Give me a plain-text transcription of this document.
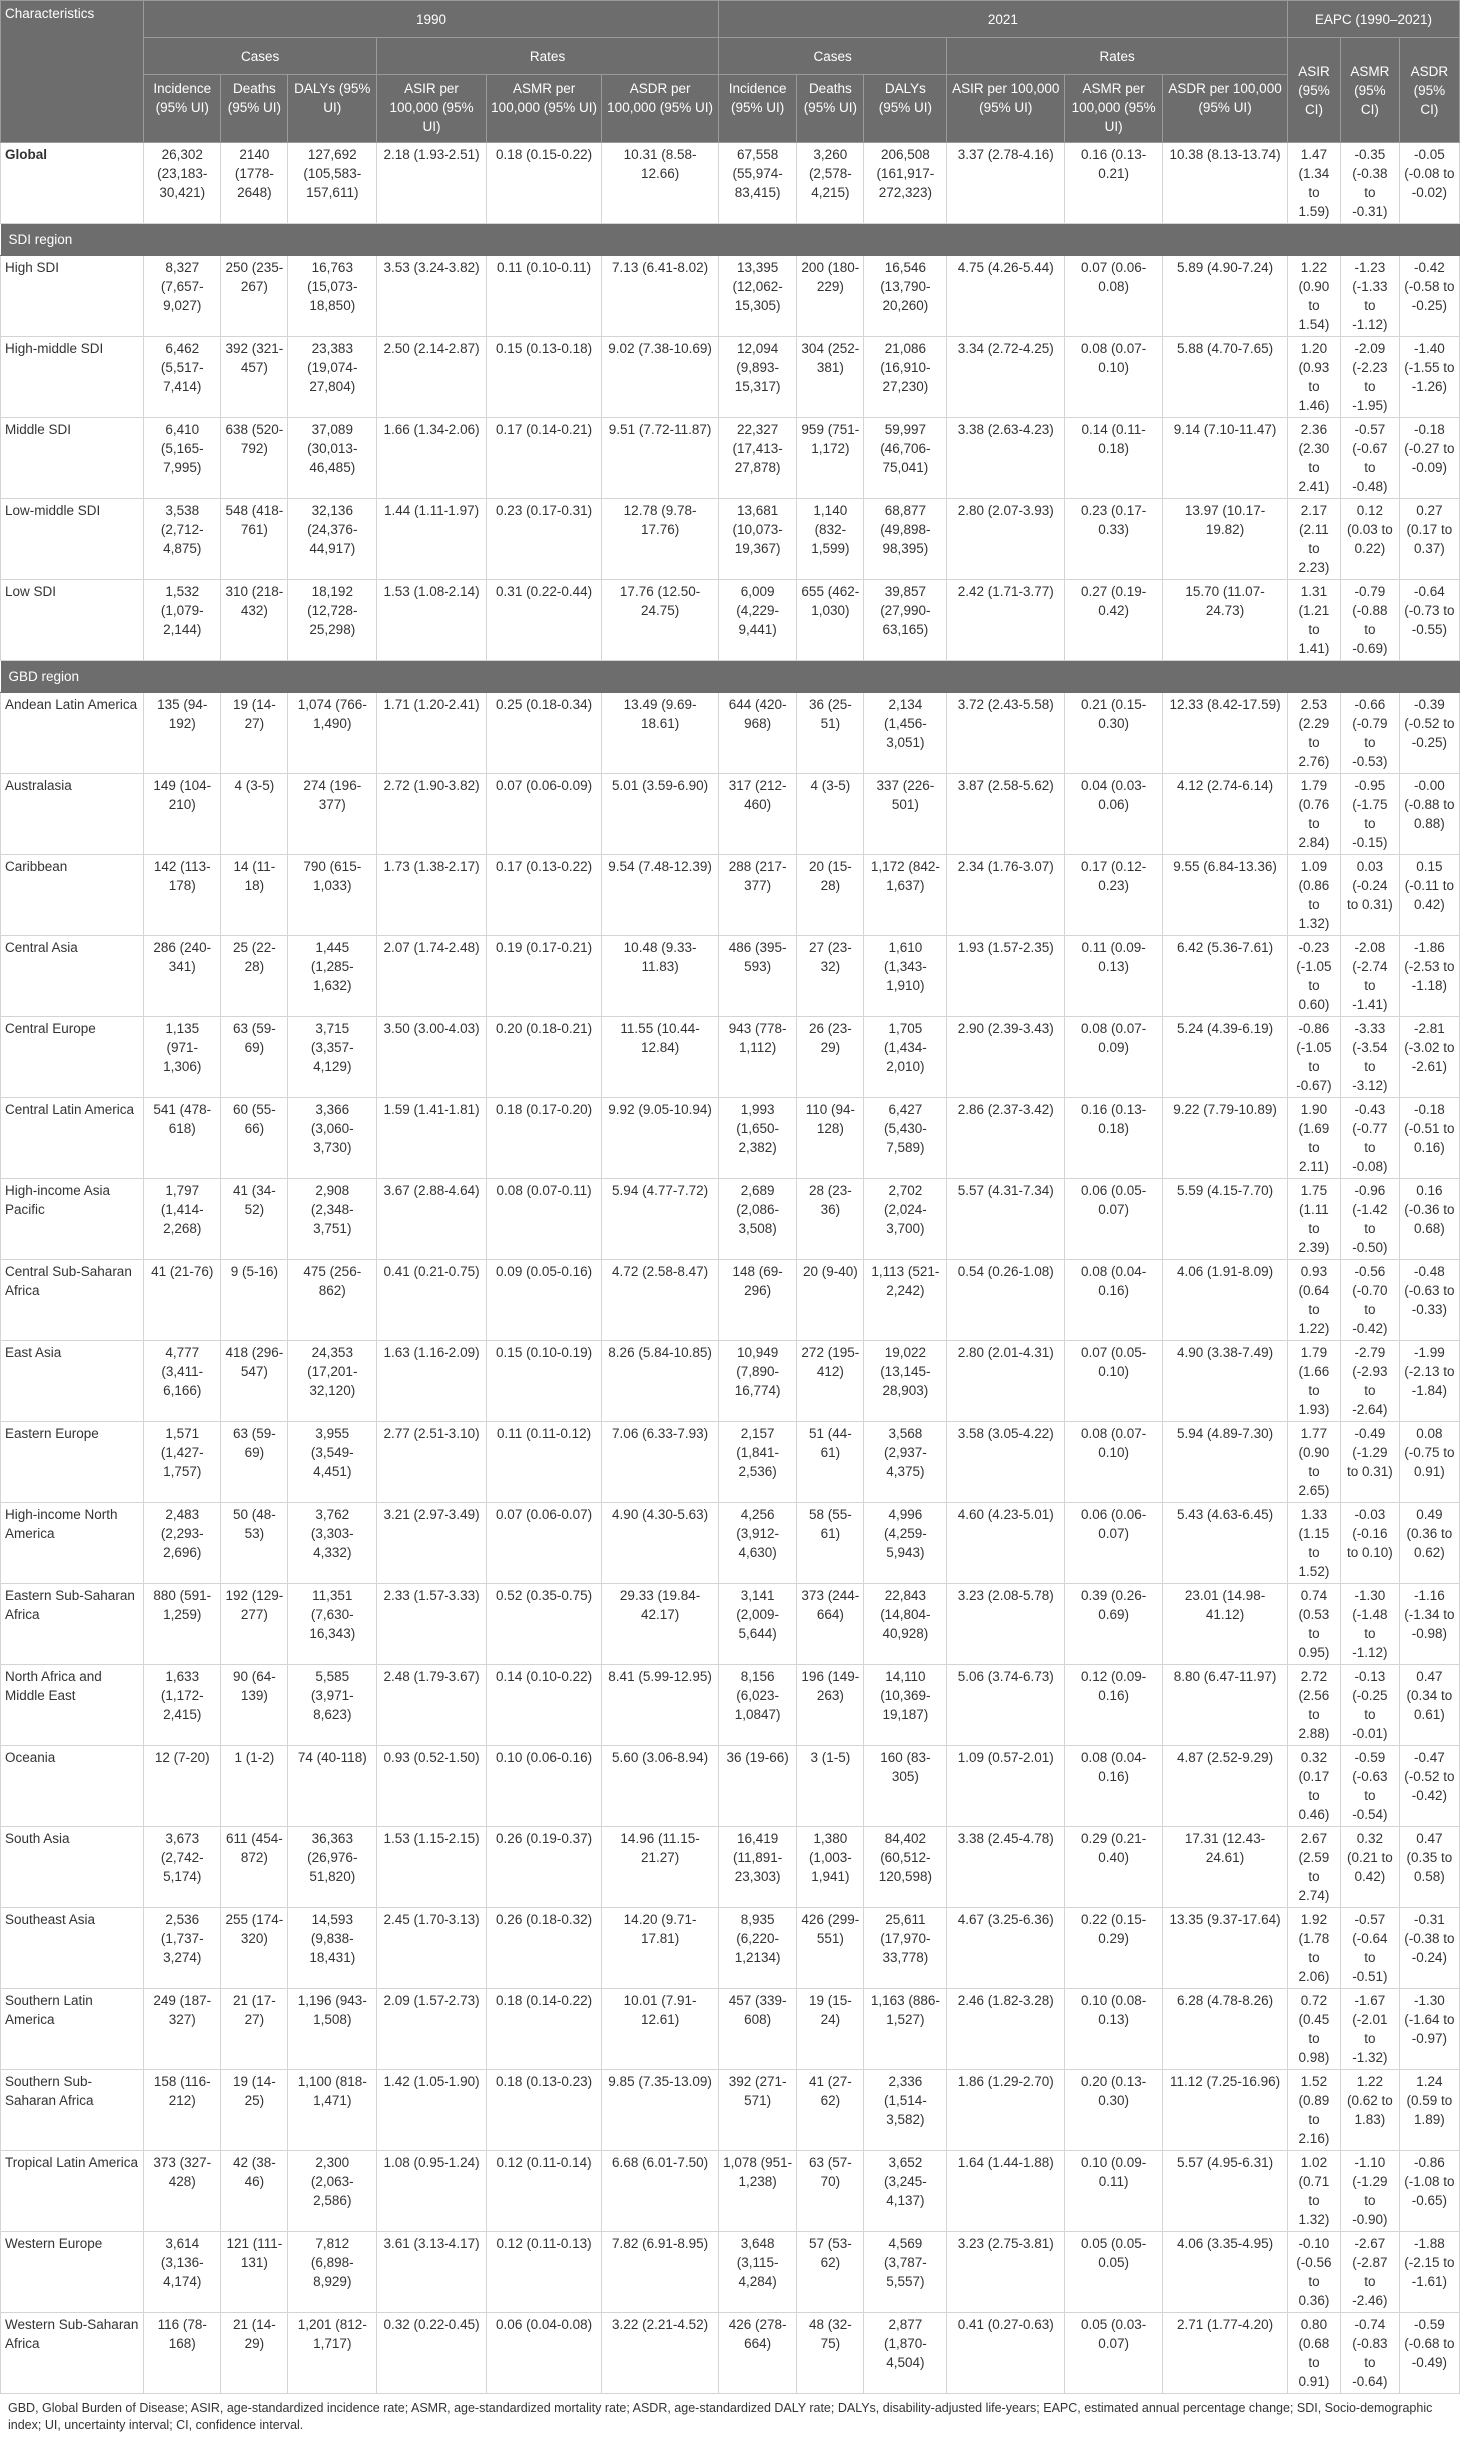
Characteristics	1990						2021						EAPC (1990–2021)		
	Cases			Rates			Cases			Rates			ASIR (95% CI)	ASMR (95% CI)	ASDR (95% CI)
	Incidence (95% UI)	Deaths (95% UI)	DALYs (95% UI)	ASIR per 100,000 (95% UI)	ASMR per 100,000 (95% UI)	ASDR per 100,000 (95% UI)	Incidence (95% UI)	Deaths (95% UI)	DALYs (95% UI)	ASIR per 100,000 (95% UI)	ASMR per 100,000 (95% UI)	ASDR per 100,000 (95% UI)			
Global	26,302 (23,183-30,421)	2140 (1778-2648)	127,692 (105,583-157,611)	2.18 (1.93-2.51)	0.18 (0.15-0.22)	10.31 (8.58-12.66)	67,558 (55,974-83,415)	3,260 (2,578-4,215)	206,508 (161,917-272,323)	3.37 (2.78-4.16)	0.16 (0.13-0.21)	10.38 (8.13-13.74)	1.47 (1.34 to 1.59)	-0.35 (-0.38 to -0.31)	-0.05 (-0.08 to -0.02)
SDI region															
High SDI	8,327 (7,657-9,027)	250 (235-267)	16,763 (15,073-18,850)	3.53 (3.24-3.82)	0.11 (0.10-0.11)	7.13 (6.41-8.02)	13,395 (12,062-15,305)	200 (180-229)	16,546 (13,790-20,260)	4.75 (4.26-5.44)	0.07 (0.06-0.08)	5.89 (4.90-7.24)	1.22 (0.90 to 1.54)	-1.23 (-1.33 to -1.12)	-0.42 (-0.58 to -0.25)
High-middle SDI	6,462 (5,517-7,414)	392 (321-457)	23,383 (19,074-27,804)	2.50 (2.14-2.87)	0.15 (0.13-0.18)	9.02 (7.38-10.69)	12,094 (9,893-15,317)	304 (252-381)	21,086 (16,910-27,230)	3.34 (2.72-4.25)	0.08 (0.07-0.10)	5.88 (4.70-7.65)	1.20 (0.93 to 1.46)	-2.09 (-2.23 to -1.95)	-1.40 (-1.55 to -1.26)
Middle SDI	6,410 (5,165-7,995)	638 (520-792)	37,089 (30,013-46,485)	1.66 (1.34-2.06)	0.17 (0.14-0.21)	9.51 (7.72-11.87)	22,327 (17,413-27,878)	959 (751-1,172)	59,997 (46,706-75,041)	3.38 (2.63-4.23)	0.14 (0.11-0.18)	9.14 (7.10-11.47)	2.36 (2.30 to 2.41)	-0.57 (-0.67 to -0.48)	-0.18 (-0.27 to -0.09)
Low-middle SDI	3,538 (2,712-4,875)	548 (418-761)	32,136 (24,376-44,917)	1.44 (1.11-1.97)	0.23 (0.17-0.31)	12.78 (9.78-17.76)	13,681 (10,073-19,367)	1,140 (832-1,599)	68,877 (49,898-98,395)	2.80 (2.07-3.93)	0.23 (0.17-0.33)	13.97 (10.17-19.82)	2.17 (2.11 to 2.23)	0.12 (0.03 to 0.22)	0.27 (0.17 to 0.37)
Low SDI	1,532 (1,079-2,144)	310 (218-432)	18,192 (12,728-25,298)	1.53 (1.08-2.14)	0.31 (0.22-0.44)	17.76 (12.50-24.75)	6,009 (4,229-9,441)	655 (462-1,030)	39,857 (27,990-63,165)	2.42 (1.71-3.77)	0.27 (0.19-0.42)	15.70 (11.07-24.73)	1.31 (1.21 to 1.41)	-0.79 (-0.88 to -0.69)	-0.64 (-0.73 to -0.55)
GBD region															
Andean Latin America	135 (94-192)	19 (14-27)	1,074 (766-1,490)	1.71 (1.20-2.41)	0.25 (0.18-0.34)	13.49 (9.69-18.61)	644 (420-968)	36 (25-51)	2,134 (1,456-3,051)	3.72 (2.43-5.58)	0.21 (0.15-0.30)	12.33 (8.42-17.59)	2.53 (2.29 to 2.76)	-0.66 (-0.79 to -0.53)	-0.39 (-0.52 to -0.25)
Australasia	149 (104-210)	4 (3-5)	274 (196-377)	2.72 (1.90-3.82)	0.07 (0.06-0.09)	5.01 (3.59-6.90)	317 (212-460)	4 (3-5)	337 (226-501)	3.87 (2.58-5.62)	0.04 (0.03-0.06)	4.12 (2.74-6.14)	1.79 (0.76 to 2.84)	-0.95 (-1.75 to -0.15)	-0.00 (-0.88 to 0.88)
Caribbean	142 (113-178)	14 (11-18)	790 (615-1,033)	1.73 (1.38-2.17)	0.17 (0.13-0.22)	9.54 (7.48-12.39)	288 (217-377)	20 (15-28)	1,172 (842-1,637)	2.34 (1.76-3.07)	0.17 (0.12-0.23)	9.55 (6.84-13.36)	1.09 (0.86 to 1.32)	0.03 (-0.24 to 0.31)	0.15 (-0.11 to 0.42)
Central Asia	286 (240-341)	25 (22-28)	1,445 (1,285-1,632)	2.07 (1.74-2.48)	0.19 (0.17-0.21)	10.48 (9.33-11.83)	486 (395-593)	27 (23-32)	1,610 (1,343-1,910)	1.93 (1.57-2.35)	0.11 (0.09-0.13)	6.42 (5.36-7.61)	-0.23 (-1.05 to 0.60)	-2.08 (-2.74 to -1.41)	-1.86 (-2.53 to -1.18)
Central Europe	1,135 (971-1,306)	63 (59-69)	3,715 (3,357-4,129)	3.50 (3.00-4.03)	0.20 (0.18-0.21)	11.55 (10.44-12.84)	943 (778-1,112)	26 (23-29)	1,705 (1,434-2,010)	2.90 (2.39-3.43)	0.08 (0.07-0.09)	5.24 (4.39-6.19)	-0.86 (-1.05 to -0.67)	-3.33 (-3.54 to -3.12)	-2.81 (-3.02 to -2.61)
Central Latin America	541 (478-618)	60 (55-66)	3,366 (3,060-3,730)	1.59 (1.41-1.81)	0.18 (0.17-0.20)	9.92 (9.05-10.94)	1,993 (1,650-2,382)	110 (94-128)	6,427 (5,430-7,589)	2.86 (2.37-3.42)	0.16 (0.13-0.18)	9.22 (7.79-10.89)	1.90 (1.69 to 2.11)	-0.43 (-0.77 to -0.08)	-0.18 (-0.51 to 0.16)
High-income Asia Pacific	1,797 (1,414-2,268)	41 (34-52)	2,908 (2,348-3,751)	3.67 (2.88-4.64)	0.08 (0.07-0.11)	5.94 (4.77-7.72)	2,689 (2,086-3,508)	28 (23-36)	2,702 (2,024-3,700)	5.57 (4.31-7.34)	0.06 (0.05-0.07)	5.59 (4.15-7.70)	1.75 (1.11 to 2.39)	-0.96 (-1.42 to -0.50)	0.16 (-0.36 to 0.68)
Central Sub-Saharan Africa	41 (21-76)	9 (5-16)	475 (256-862)	0.41 (0.21-0.75)	0.09 (0.05-0.16)	4.72 (2.58-8.47)	148 (69-296)	20 (9-40)	1,113 (521-2,242)	0.54 (0.26-1.08)	0.08 (0.04-0.16)	4.06 (1.91-8.09)	0.93 (0.64 to 1.22)	-0.56 (-0.70 to -0.42)	-0.48 (-0.63 to -0.33)
East Asia	4,777 (3,411-6,166)	418 (296-547)	24,353 (17,201-32,120)	1.63 (1.16-2.09)	0.15 (0.10-0.19)	8.26 (5.84-10.85)	10,949 (7,890-16,774)	272 (195-412)	19,022 (13,145-28,903)	2.80 (2.01-4.31)	0.07 (0.05-0.10)	4.90 (3.38-7.49)	1.79 (1.66 to 1.93)	-2.79 (-2.93 to -2.64)	-1.99 (-2.13 to -1.84)
Eastern Europe	1,571 (1,427-1,757)	63 (59-69)	3,955 (3,549-4,451)	2.77 (2.51-3.10)	0.11 (0.11-0.12)	7.06 (6.33-7.93)	2,157 (1,841-2,536)	51 (44-61)	3,568 (2,937-4,375)	3.58 (3.05-4.22)	0.08 (0.07-0.10)	5.94 (4.89-7.30)	1.77 (0.90 to 2.65)	-0.49 (-1.29 to 0.31)	0.08 (-0.75 to 0.91)
High-income North America	2,483 (2,293-2,696)	50 (48-53)	3,762 (3,303-4,332)	3.21 (2.97-3.49)	0.07 (0.06-0.07)	4.90 (4.30-5.63)	4,256 (3,912-4,630)	58 (55-61)	4,996 (4,259-5,943)	4.60 (4.23-5.01)	0.06 (0.06-0.07)	5.43 (4.63-6.45)	1.33 (1.15 to 1.52)	-0.03 (-0.16 to 0.10)	0.49 (0.36 to 0.62)
Eastern Sub-Saharan Africa	880 (591-1,259)	192 (129-277)	11,351 (7,630-16,343)	2.33 (1.57-3.33)	0.52 (0.35-0.75)	29.33 (19.84-42.17)	3,141 (2,009-5,644)	373 (244-664)	22,843 (14,804-40,928)	3.23 (2.08-5.78)	0.39 (0.26-0.69)	23.01 (14.98-41.12)	0.74 (0.53 to 0.95)	-1.30 (-1.48 to -1.12)	-1.16 (-1.34 to -0.98)
North Africa and Middle East	1,633 (1,172-2,415)	90 (64-139)	5,585 (3,971-8,623)	2.48 (1.79-3.67)	0.14 (0.10-0.22)	8.41 (5.99-12.95)	8,156 (6,023-1,0847)	196 (149-263)	14,110 (10,369-19,187)	5.06 (3.74-6.73)	0.12 (0.09-0.16)	8.80 (6.47-11.97)	2.72 (2.56 to 2.88)	-0.13 (-0.25 to -0.01)	0.47 (0.34 to 0.61)
Oceania	12 (7-20)	1 (1-2)	74 (40-118)	0.93 (0.52-1.50)	0.10 (0.06-0.16)	5.60 (3.06-8.94)	36 (19-66)	3 (1-5)	160 (83-305)	1.09 (0.57-2.01)	0.08 (0.04-0.16)	4.87 (2.52-9.29)	0.32 (0.17 to 0.46)	-0.59 (-0.63 to -0.54)	-0.47 (-0.52 to -0.42)
South Asia	3,673 (2,742-5,174)	611 (454-872)	36,363 (26,976-51,820)	1.53 (1.15-2.15)	0.26 (0.19-0.37)	14.96 (11.15-21.27)	16,419 (11,891-23,303)	1,380 (1,003-1,941)	84,402 (60,512-120,598)	3.38 (2.45-4.78)	0.29 (0.21-0.40)	17.31 (12.43-24.61)	2.67 (2.59 to 2.74)	0.32 (0.21 to 0.42)	0.47 (0.35 to 0.58)
Southeast Asia	2,536 (1,737-3,274)	255 (174-320)	14,593 (9,838-18,431)	2.45 (1.70-3.13)	0.26 (0.18-0.32)	14.20 (9.71-17.81)	8,935 (6,220-1,2134)	426 (299-551)	25,611 (17,970-33,778)	4.67 (3.25-6.36)	0.22 (0.15-0.29)	13.35 (9.37-17.64)	1.92 (1.78 to 2.06)	-0.57 (-0.64 to -0.51)	-0.31 (-0.38 to -0.24)
Southern Latin America	249 (187-327)	21 (17-27)	1,196 (943-1,508)	2.09 (1.57-2.73)	0.18 (0.14-0.22)	10.01 (7.91-12.61)	457 (339-608)	19 (15-24)	1,163 (886-1,527)	2.46 (1.82-3.28)	0.10 (0.08-0.13)	6.28 (4.78-8.26)	0.72 (0.45 to 0.98)	-1.67 (-2.01 to -1.32)	-1.30 (-1.64 to -0.97)
Southern Sub-Saharan Africa	158 (116-212)	19 (14-25)	1,100 (818-1,471)	1.42 (1.05-1.90)	0.18 (0.13-0.23)	9.85 (7.35-13.09)	392 (271-571)	41 (27-62)	2,336 (1,514-3,582)	1.86 (1.29-2.70)	0.20 (0.13-0.30)	11.12 (7.25-16.96)	1.52 (0.89 to 2.16)	1.22 (0.62 to 1.83)	1.24 (0.59 to 1.89)
Tropical Latin America	373 (327-428)	42 (38-46)	2,300 (2,063-2,586)	1.08 (0.95-1.24)	0.12 (0.11-0.14)	6.68 (6.01-7.50)	1,078 (951-1,238)	63 (57-70)	3,652 (3,245-4,137)	1.64 (1.44-1.88)	0.10 (0.09-0.11)	5.57 (4.95-6.31)	1.02 (0.71 to 1.32)	-1.10 (-1.29 to -0.90)	-0.86 (-1.08 to -0.65)
Western Europe	3,614 (3,136-4,174)	121 (111-131)	7,812 (6,898-8,929)	3.61 (3.13-4.17)	0.12 (0.11-0.13)	7.82 (6.91-8.95)	3,648 (3,115-4,284)	57 (53-62)	4,569 (3,787-5,557)	3.23 (2.75-3.81)	0.05 (0.05-0.05)	4.06 (3.35-4.95)	-0.10 (-0.56 to 0.36)	-2.67 (-2.87 to -2.46)	-1.88 (-2.15 to -1.61)
Western Sub-Saharan Africa	116 (78-168)	21 (14-29)	1,201 (812-1,717)	0.32 (0.22-0.45)	0.06 (0.04-0.08)	3.22 (2.21-4.52)	426 (278-664)	48 (32-75)	2,877 (1,870-4,504)	0.41 (0.27-0.63)	0.05 (0.03-0.07)	2.71 (1.77-4.20)	0.80 (0.68 to 0.91)	-0.74 (-0.83 to -0.64)	-0.59 (-0.68 to -0.49)
GBD, Global Burden of Disease; ASIR, age-standardized incidence rate; ASMR, age-standardized mortality rate; ASDR, age-standardized DALY rate; DALYs, disability-adjusted life-years; EAPC, estimated annual percentage change; SDI, Socio-demographic index; UI, uncertainty interval; CI, confidence interval.
